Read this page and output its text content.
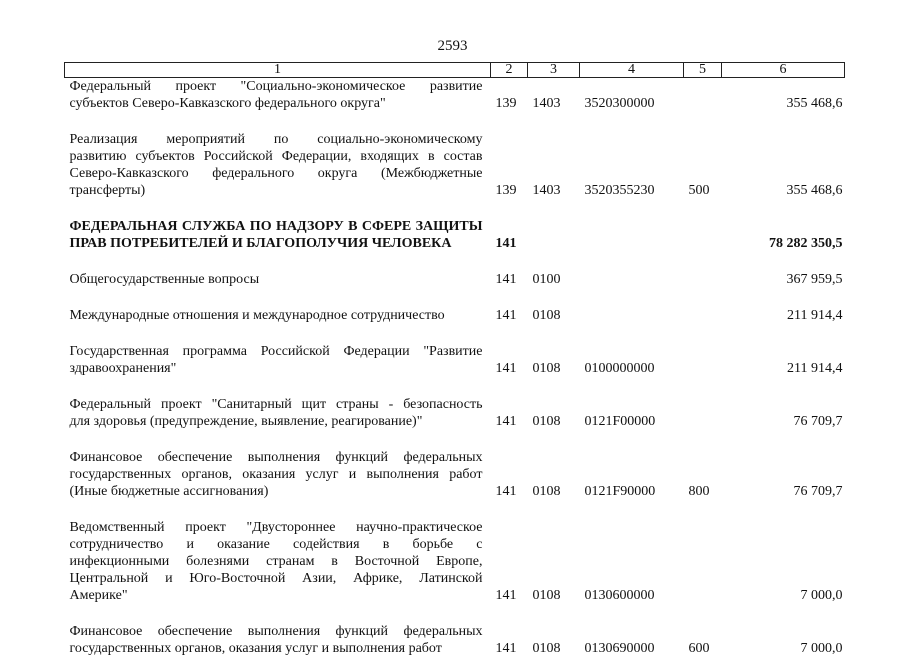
2593
1	2	3	4	5	6

Федеральный проект "Социально-экономическое развитие
субъектов Северо-Кавказского федерального округа"	139	1403	3520300000		355 468,6

Реализация мероприятий по социально-экономическому
развитию субъектов Российской Федерации, входящих в состав
Северо-Кавказского федерального округа (Межбюджетные
трансферты)	139	1403	3520355230	500	355 468,6

ФЕДЕРАЛЬНАЯ СЛУЖБА ПО НАДЗОРУ В СФЕРЕ ЗАЩИТЫ
ПРАВ ПОТРЕБИТЕЛЕЙ И БЛАГОПОЛУЧИЯ ЧЕЛОВЕКА	141				78 282 350,5

Общегосударственные вопросы	141	0100			367 959,5

Международные отношения и международное сотрудничество	141	0108			211 914,4

Государственная программа Российской Федерации "Развитие
здравоохранения"	141	0108	0100000000		211 914,4

Федеральный проект "Санитарный щит страны - безопасность
для здоровья (предупреждение, выявление, реагирование)"	141	0108	0121F00000		76 709,7

Финансовое обеспечение выполнения функций федеральных
государственных органов, оказания услуг и выполнения работ
(Иные бюджетные ассигнования)	141	0108	0121F90000	800	76 709,7

Ведомственный проект "Двустороннее научно-практическое
сотрудничество и оказание содействия в борьбе с
инфекционными болезнями странам в Восточной Европе,
Центральной и Юго-Восточной Азии, Африке, Латинской
Америке"	141	0108	0130600000		7 000,0

Финансовое обеспечение выполнения функций федеральных
государственных органов, оказания услуг и выполнения работ	141	0108	0130690000	600	7 000,0
